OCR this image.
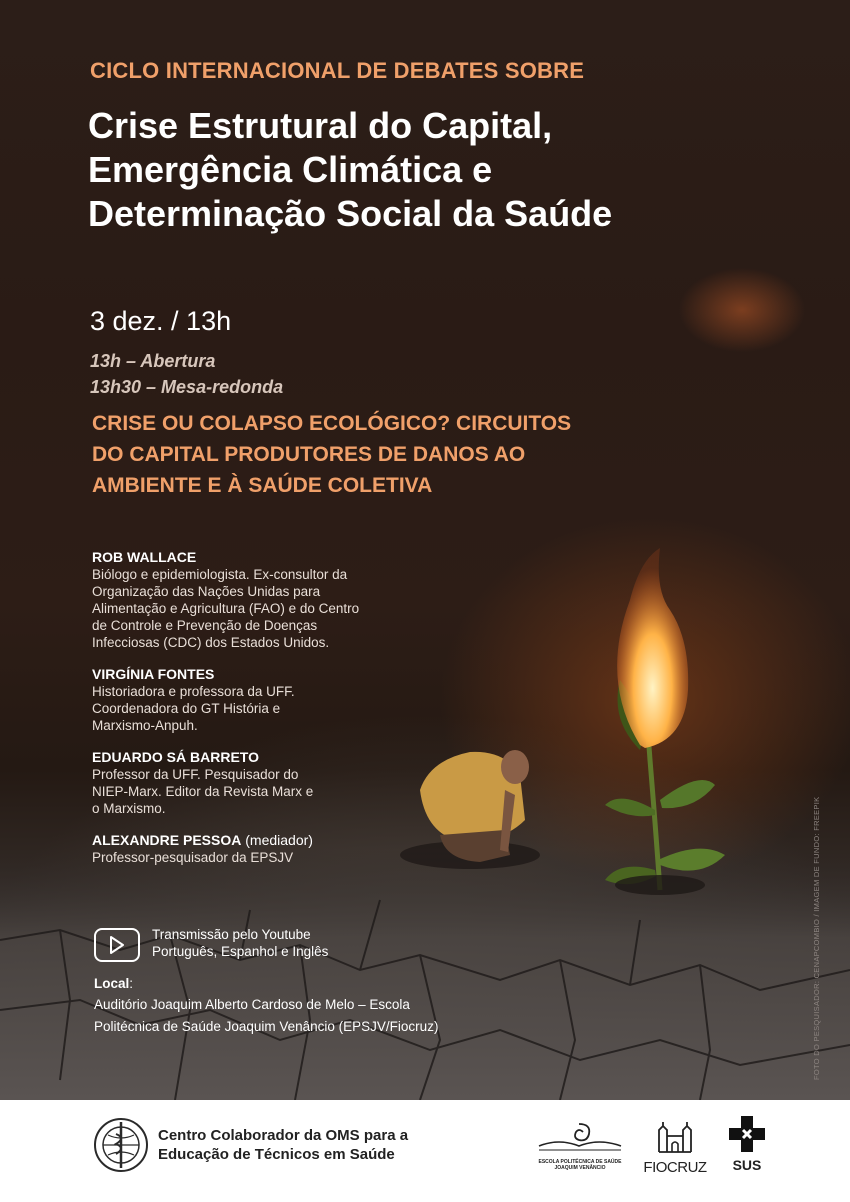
CICLO INTERNACIONAL DE DEBATES SOBRE
Crise Estrutural do Capital,
Emergência Climática e
Determinação Social da Saúde
3 dez. / 13h
13h – Abertura
13h30 – Mesa-redonda
CRISE OU COLAPSO ECOLÓGICO? CIRCUITOS
DO CAPITAL PRODUTORES DE DANOS AO
AMBIENTE E À SAÚDE COLETIVA
ROB WALLACE
Biólogo e epidemiologista. Ex-consultor da
Organização das Nações Unidas para
Alimentação e Agricultura (FAO) e do Centro
de Controle e Prevenção de Doenças
Infecciosas (CDC) dos Estados Unidos.
VIRGÍNIA FONTES
Historiadora e professora da UFF.
Coordenadora do GT História e
Marxismo-Anpuh.
EDUARDO SÁ BARRETO
Professor da UFF. Pesquisador do
NIEP-Marx. Editor da Revista Marx e
o Marxismo.
ALEXANDRE PESSOA (mediador)
Professor-pesquisador da EPSJV
Transmissão pelo Youtube
Português, Espanhol e Inglês
Local:
Auditório Joaquim Alberto Cardoso de Melo – Escola
Politécnica de Saúde Joaquim Venâncio (EPSJV/Fiocruz)	FOTO DO PESQUISADOR: CENAPCOMBIO / IMAGEM DE FUNDO: FREEPIK
Centro Colaborador da OMS para a
Educação de Técnicos em Saúde	ESCOLA POLITÉCNICA DE SAÚDE
JOAQUIM VENÂNCIO	FIOCRUZ	SUS
